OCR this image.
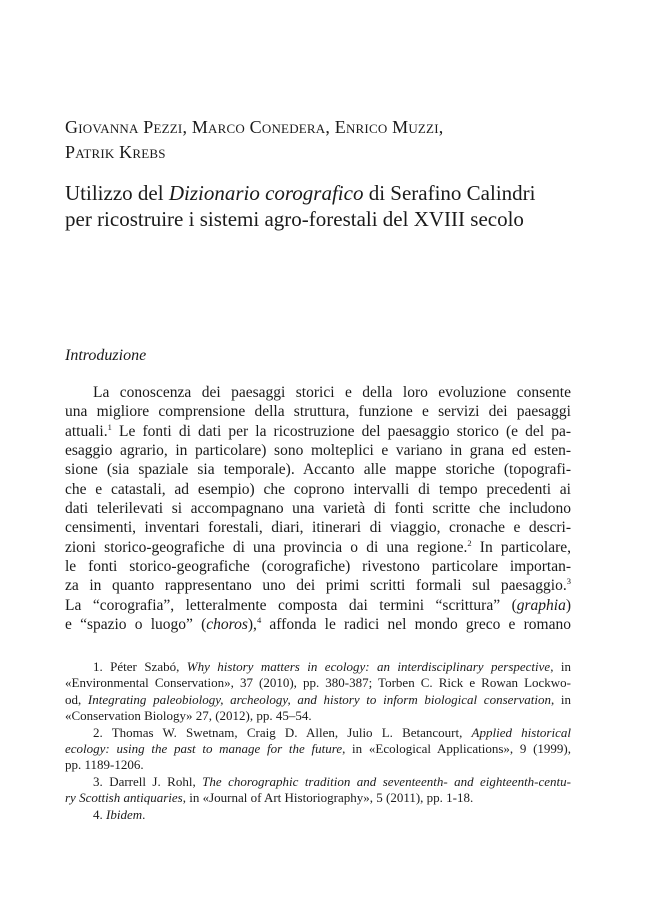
Giovanna Pezzi, Marco Conedera, Enrico Muzzi,
Patrik Krebs
Utilizzo del Dizionario corografico di Serafino Calindri
per ricostruire i sistemi agro-forestali del XVIII secolo
Introduzione
La conoscenza dei paesaggi storici e della loro evoluzione consente
una migliore comprensione della struttura, funzione e servizi dei paesaggi
attuali.$^1$ Le fonti di dati per la ricostruzione del paesaggio storico (e del pa-
esaggio agrario, in particolare) sono molteplici e variano in grana ed esten-
sione (sia spaziale sia temporale). Accanto alle mappe storiche (topografi-
che e catastali, ad esempio) che coprono intervalli di tempo precedenti ai
dati telerilevati si accompagnano una varietà di fonti scritte che includono
censimenti, inventari forestali, diari, itinerari di viaggio, cronache e descri-
zioni storico-geografiche di una provincia o di una regione.$^2$ In particolare,
le fonti storico-geografiche (corografiche) rivestono particolare importan-
za in quanto rappresentano uno dei primi scritti formali sul paesaggio.$^3$
La “corografia”, letteralmente composta dai termini “scrittura” (graphia)
e “spazio o luogo” (choros),$^4$ affonda le radici nel mondo greco e romano
1. Péter Szabó, Why history matters in ecology: an interdisciplinary perspective, in
«Environmental Conservation», 37 (2010), pp. 380-387; Torben C. Rick e Rowan Lockwo-
od, Integrating paleobiology, archeology, and history to inform biological conservation, in
«Conservation Biology» 27, (2012), pp. 45–54.
2. Thomas W. Swetnam, Craig D. Allen, Julio L. Betancourt, Applied historical
ecology: using the past to manage for the future, in «Ecological Applications», 9 (1999),
pp. 1189-1206.
3. Darrell J. Rohl, The chorographic tradition and seventeenth- and eighteenth-centu-
ry Scottish antiquaries, in «Journal of Art Historiography», 5 (2011), pp. 1-18.
4. Ibidem.
